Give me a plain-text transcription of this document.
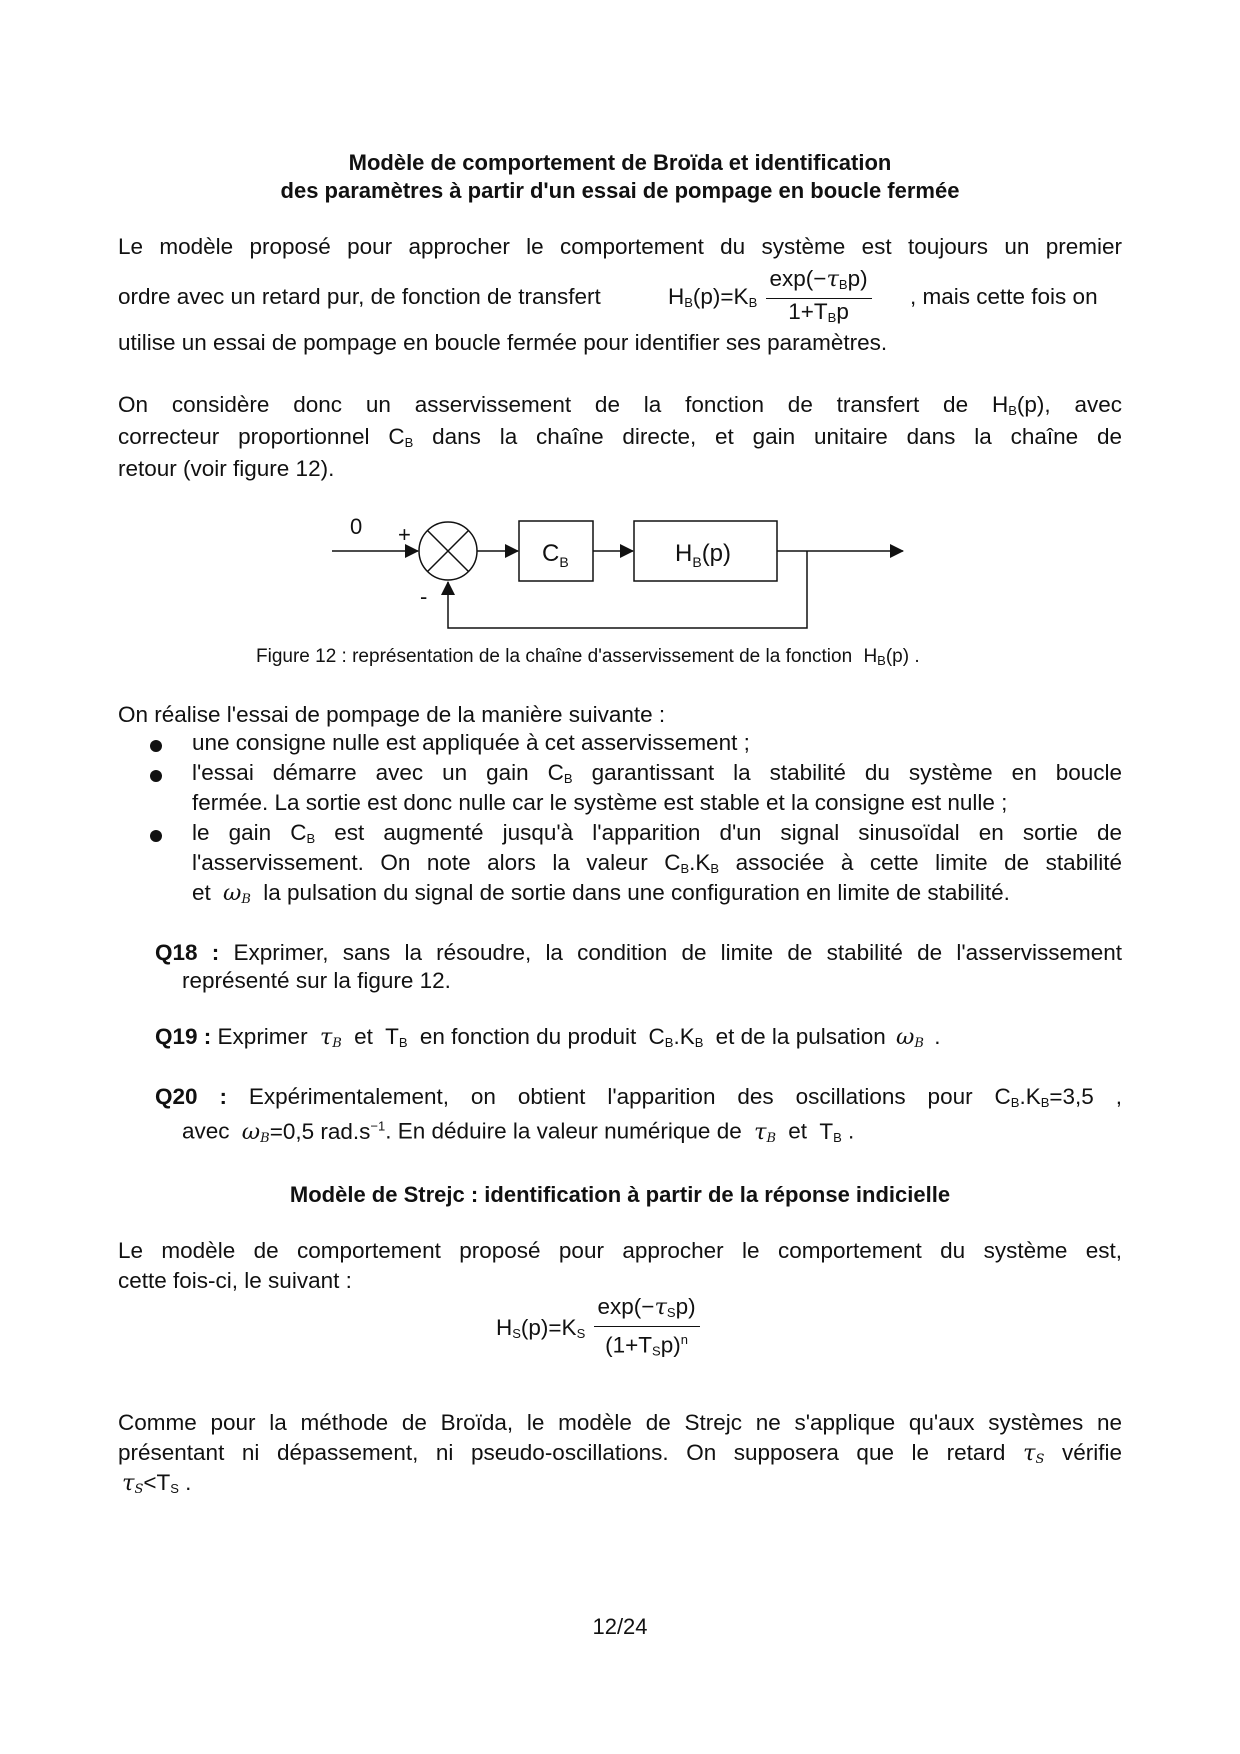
Modèle de comportement de Broïda et identification
des paramètres à partir d'un essai de pompage en boucle fermée
Le modèle proposé pour approcher le comportement du système est toujours un premier
ordre avec un retard pur, de fonction de transfert	$H_B(p)=K_B \frac{\exp(-\tau_Bp)}{1+T_Bp}$ , mais cette fois on
utilise un essai de pompage en boucle fermée pour identifier ses paramètres.
On considère donc un asservissement de la fonction de transfert de $H_B(p)$, avec
correcteur proportionnel $C_B$ dans la chaîne directe, et gain unitaire dans la chaîne de
retour (voir figure 12).
0 +
$C_B$	$H_B(p)$
-
Figure 12 : représentation de la chaîne d'asservissement de la fonction $H_B(p)$ .
On réalise l'essai de pompage de la manière suivante :
une consigne nulle est appliquée à cet asservissement ;
l'essai démarre avec un gain $C_B$ garantissant la stabilité du système en boucle
fermée. La sortie est donc nulle car le système est stable et la consigne est nulle ;
le gain $C_B$ est augmenté jusqu'à l'apparition d'un signal sinusoïdal en sortie de
l'asservissement. On note alors la valeur $C_B.K_B$ associée à cette limite de stabilité
et $\omega_B$ la pulsation du signal de sortie dans une configuration en limite de stabilité.
Q18 : Exprimer, sans la résoudre, la condition de limite de stabilité de l'asservissement
représenté sur la figure 12.
Q19 : Exprimer $\tau_B$ et $T_B$ en fonction du produit $C_B.K_B$ et de la pulsation $\omega_B$ .
Q20 : Expérimentalement, on obtient l'apparition des oscillations pour $C_B.K_B=3,5$ ,
avec $\omega_B=0,5$ $rad.s^{-1}$. En déduire la valeur numérique de $\tau_B$ et $T_B$ .
Modèle de Strejc : identification à partir de la réponse indicielle
Le modèle de comportement proposé pour approcher le comportement du système est,
cette fois-ci, le suivant :
$H_S(p)=K_S \frac{\exp(-\tau_Sp)}{(1+T_Sp)^n}$
Comme pour la méthode de Broïda, le modèle de Strejc ne s'applique qu'aux systèmes ne
présentant ni dépassement, ni pseudo-oscillations. On supposera que le retard $\tau_S$ vérifie
$\tau_S<T_S$ .
12/24
